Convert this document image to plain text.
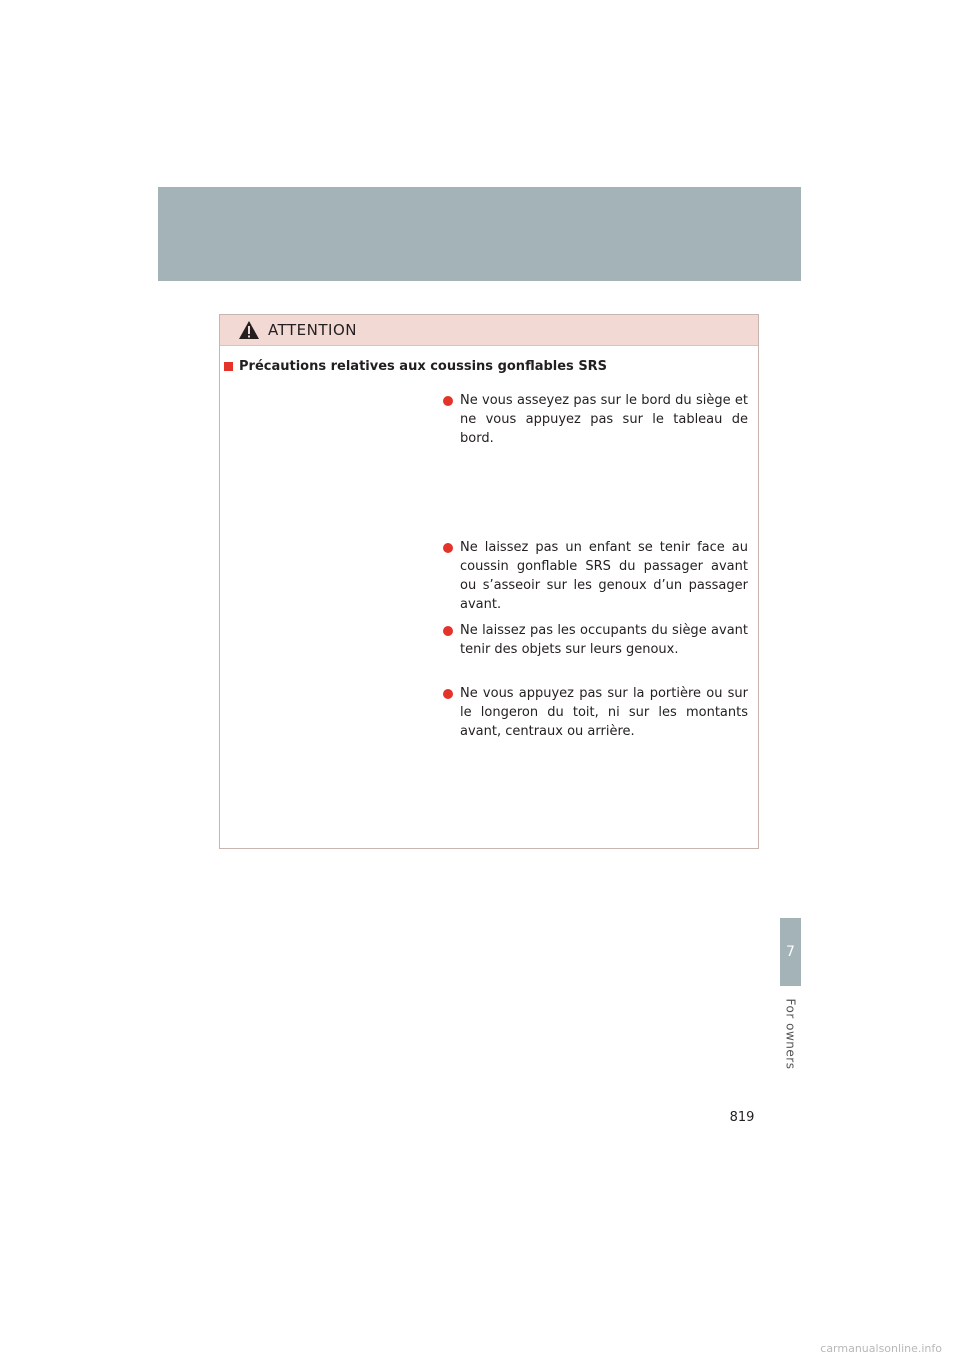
7
For owners
ATTENTION
Précautions relatives aux coussins gonflables SRS
Ne vous asseyez pas sur le bord du siège et ne vous appuyez pas sur le tableau de bord.
Ne laissez pas un enfant se tenir face au coussin gonflable SRS du passager avant ou s’asseoir sur les genoux d’un passager avant.
Ne laissez pas les occupants du siège avant tenir des objets sur leurs genoux.
Ne vous appuyez pas sur la portière ou sur le longeron du toit, ni sur les montants avant, centraux ou arrière.
819
carmanualsonline.info
